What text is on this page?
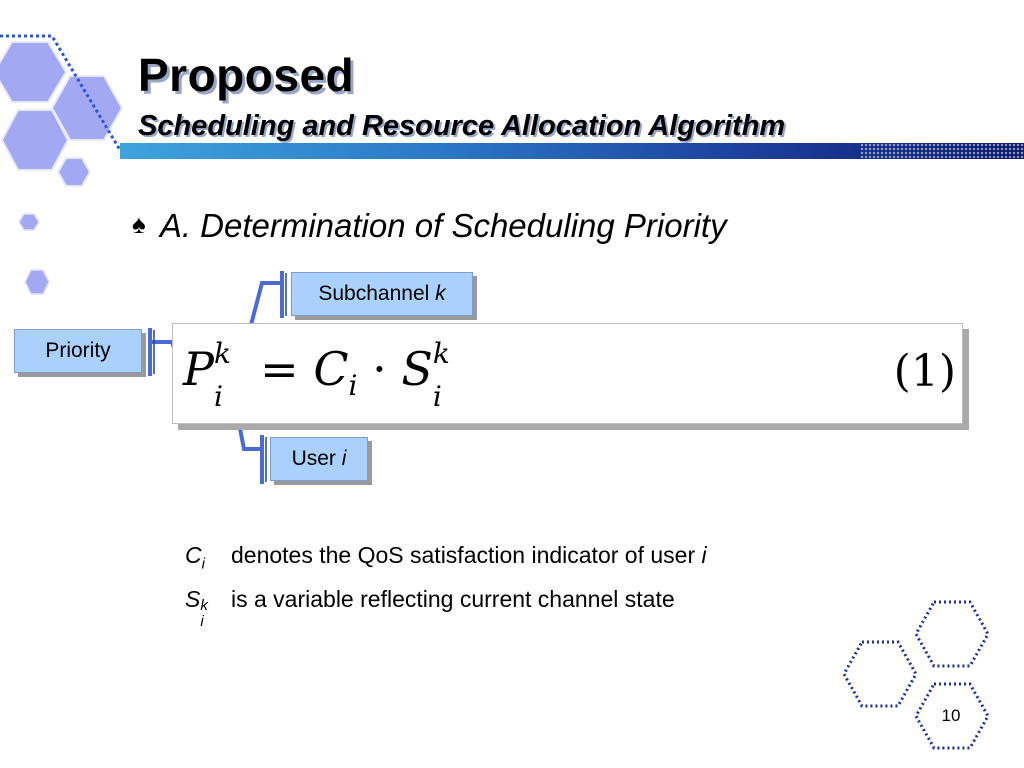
Proposed
Scheduling and Resource Allocation Algorithm
♠ A. Determination of Scheduling Priority
Subchannel
k
Priority
User
i
$P^k$
i
= $C_i \cdot S^k$
i	(1)
$C_i$	denotes the QoS satisfaction indicator of user
i
S k
i
is a variable reflecting current channel state
10
